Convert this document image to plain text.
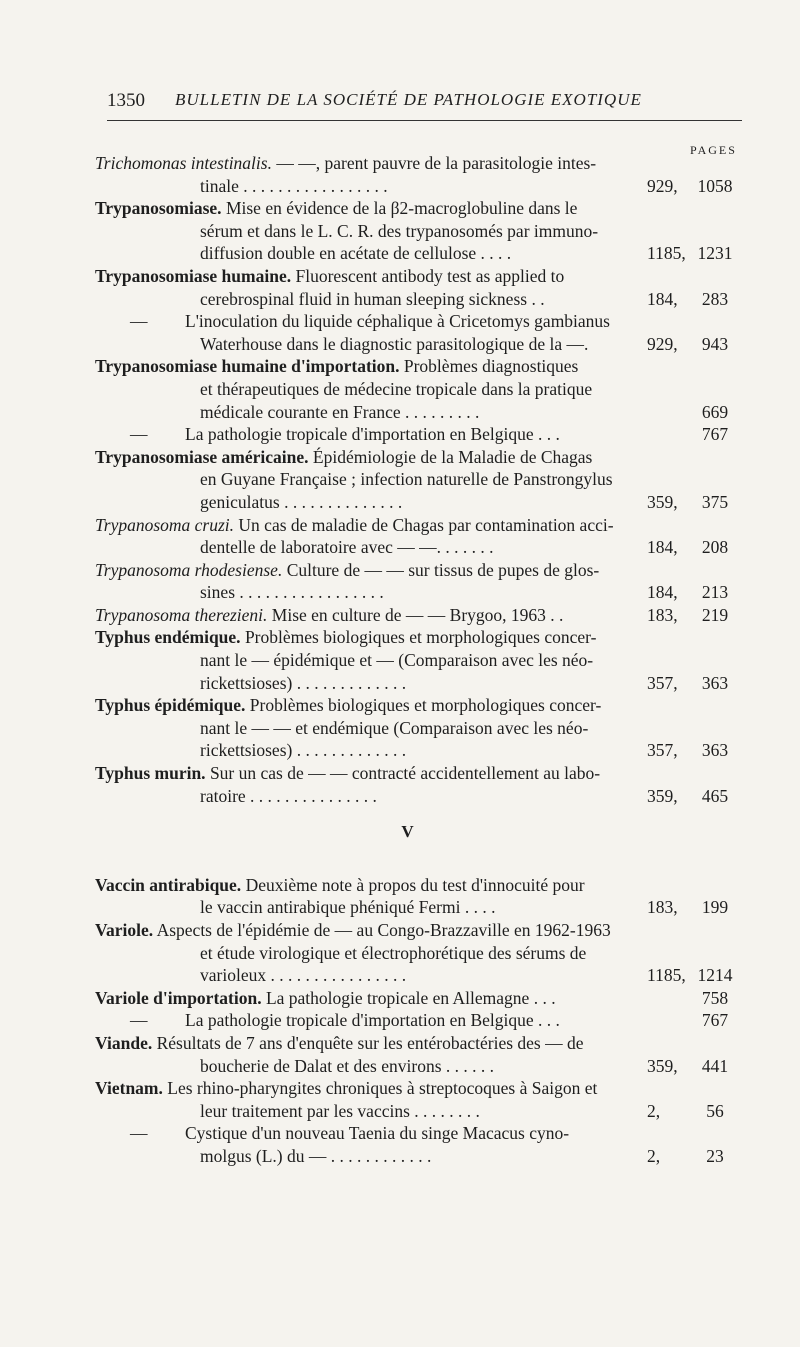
1350 BULLETIN DE LA SOCIÉTÉ DE PATHOLOGIE EXOTIQUE
PAGES
Trichomonas intestinalis. — —, parent pauvre de la parasitologie intes-
tinale . . . . . . . . . . . . . . . . .	929,	1058
Trypanosomiase. Mise en évidence de la β2-macroglobuline dans le
sérum et dans le L. C. R. des trypanosomés par immuno-
diffusion double en acétate de cellulose . . . .	1185, 1231
Trypanosomiase humaine. Fluorescent antibody test as applied to
cerebrospinal fluid in human sleeping sickness . .	184,	283
— L'inoculation du liquide céphalique à Cricetomys gambianus
Waterhouse dans le diagnostic parasitologique de la —.	929,	943
Trypanosomiase humaine d'importation. Problèmes diagnostiques
et thérapeutiques de médecine tropicale dans la pratique
médicale courante en France . . . . . . . . .	669
— La pathologie tropicale d'importation en Belgique . . .	767
Trypanosomiase américaine. Épidémiologie de la Maladie de Chagas
en Guyane Française ; infection naturelle de Panstrongylus
geniculatus . . . . . . . . . . . . . .	359,	375
Trypanosoma cruzi. Un cas de maladie de Chagas par contamination acci-
dentelle de laboratoire avec — —. . . . . . .	184,	208
Trypanosoma rhodesiense. Culture de — — sur tissus de pupes de glos-
sines . . . . . . . . . . . . . . . . .	184,	213
Trypanosoma therezieni. Mise en culture de — — Brygoo, 1963 . .	183,	219
Typhus endémique. Problèmes biologiques et morphologiques concer-
nant le — épidémique et — (Comparaison avec les néo-
rickettsioses) . . . . . . . . . . . . .	357,	363
Typhus épidémique. Problèmes biologiques et morphologiques concer-
nant le — — et endémique (Comparaison avec les néo-
rickettsioses) . . . . . . . . . . . . .	357,	363
Typhus murin. Sur un cas de — — contracté accidentellement au labo-
ratoire . . . . . . . . . . . . . . .	359,	465
V
Vaccin antirabique. Deuxième note à propos du test d'innocuité pour
le vaccin antirabique phéniqué Fermi . . . .	183,	199
Variole. Aspects de l'épidémie de — au Congo-Brazzaville en 1962-1963
et étude virologique et électrophorétique des sérums de
varioleux . . . . . . . . . . . . . . . .	1185, 1214
Variole d'importation. La pathologie tropicale en Allemagne . . .	758
— La pathologie tropicale d'importation en Belgique . . .	767
Viande. Résultats de 7 ans d'enquête sur les entérobactéries des — de
boucherie de Dalat et des environs . . . . . .	359,	441
Vietnam. Les rhino-pharyngites chroniques à streptocoques à Saigon et
leur traitement par les vaccins . . . . . . . .	2,	56
— Cystique d'un nouveau Taenia du singe Macacus cyno-
molgus (L.) du — . . . . . . . . . . . .	2,	23
